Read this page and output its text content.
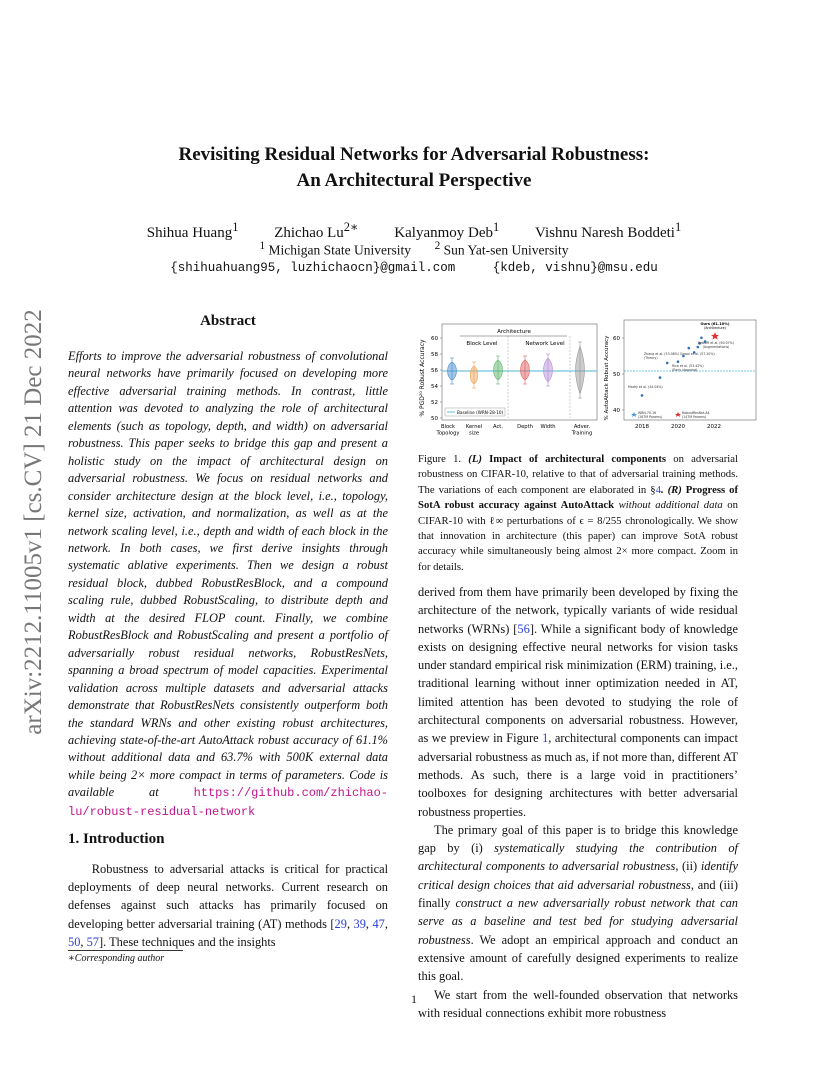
arXiv:2212.11005v1 [cs.CV] 21 Dec 2022
Revisiting Residual Networks for Adversarial Robustness:
An Architectural Perspective
Shihua Huang$^1$ Zhichao $Lu^{2∗}$ Kalyanmoy Deb$^1$ Vishnu Naresh Boddeti$^1$
$^1$ Michigan State University $^2$ Sun Yat-sen University
{shihuahuang95, luzhichaocn}@gmail.com	{kdeb, vishnu}@msu.edu
Abstract
Efforts to improve the adversarial robustness of convolutional neural networks have primarily focused on developing more effective adversarial training methods. In contrast, little attention was devoted to analyzing the role of architectural elements (such as topology, depth, and width) on adversarial robustness. This paper seeks to bridge this gap and present a holistic study on the impact of architectural design on adversarial robustness. We focus on residual networks and consider architecture design at the block level, i.e., topology, kernel size, activation, and normalization, as well as at the network scaling level, i.e., depth and width of each block in the network. In both cases, we first derive insights through systematic ablative experiments. Then we design a robust residual block, dubbed RobustResBlock, and a compound scaling rule, dubbed RobustScaling, to distribute depth and width at the desired FLOP count. Finally, we combine RobustResBlock and RobustScaling and present a portfolio of adversarially robust residual networks, RobustResNets, spanning a broad spectrum of model capacities. Experimental validation across multiple datasets and adversarial attacks demonstrate that RobustResNets consistently outperform both the standard WRNs and other existing robust architectures, achieving state-of-the-art AutoAttack robust accuracy of 61.1% without additional data and 63.7% with 500K external data while being 2× more compact in terms of parameters. Code is available at	https://github.com/zhichao-lu/robust-residual-network
1. Introduction
Robustness to adversarial attacks is critical for practical deployments of deep neural networks. Current research on defenses against such attacks has primarily focused on developing better adversarial training (AT) methods [29, 39, 47, 50, 57]. These techniques and the insights
∗Corresponding author
1
% PGD²⁰ Robust Accuracy
50
52
54
56
58
60
Architecture
Block Level	Network Level
Baseline (WRN-28-10)
Block
Topology
Kernel
size
Act.	Depth Width	Adver.
Training
% AutoAttack Robust Accuracy 40
50
60
2018	2020	2022
Ours (61.10%)
(Architecture)
Rebuffi et al. (60.07%)
(Augmentations)
Zhang et al. (53.08%)
(Theory)
Gowal et al. (57.20%)
Rice et al. (53.42%)
(Early stopping)
Madry et al. (44.04%)
WRN-70-16
(267M Params)
RobustResNet-A4
(147M Params)
Figure 1. (L) Impact of architectural components on adversarial robustness on CIFAR-10, relative to that of adversarial training methods. The variations of each component are elaborated in §4. (R) Progress of SotA robust accuracy against AutoAttack without additional data on CIFAR-10 with ℓ∞ perturbations of ϵ = 8/255 chronologically. We show that innovation in architecture (this paper) can improve SotA robust accuracy while simultaneously being almost 2× more compact. Zoom in for details.

derived from them have primarily been developed by fixing the architecture of the network, typically variants of wide residual networks (WRNs) [56]. While a significant body of knowledge exists on designing effective neural networks for vision tasks under standard empirical risk minimization (ERM) training, i.e., traditional learning without inner optimization needed in AT, limited attention has been devoted to studying the role of architectural components on adversarial robustness. However, as we preview in Figure 1, architectural components can impact adversarial robustness as much as, if not more than, different AT methods. As such, there is a large void in practitioners’ toolboxes for designing architectures with better adversarial robustness properties.

The primary goal of this paper is to bridge this knowledge gap by (i) systematically studying the contribution of architectural components to adversarial robustness, (ii) identify critical design choices that aid adversarial robustness, and (iii) finally construct a new adversarially robust network that can serve as a baseline and test bed for studying adversarial robustness. We adopt an empirical approach and conduct an extensive amount of carefully designed experiments to realize this goal.

We start from the well-founded observation that networks with residual connections exhibit more robustness
